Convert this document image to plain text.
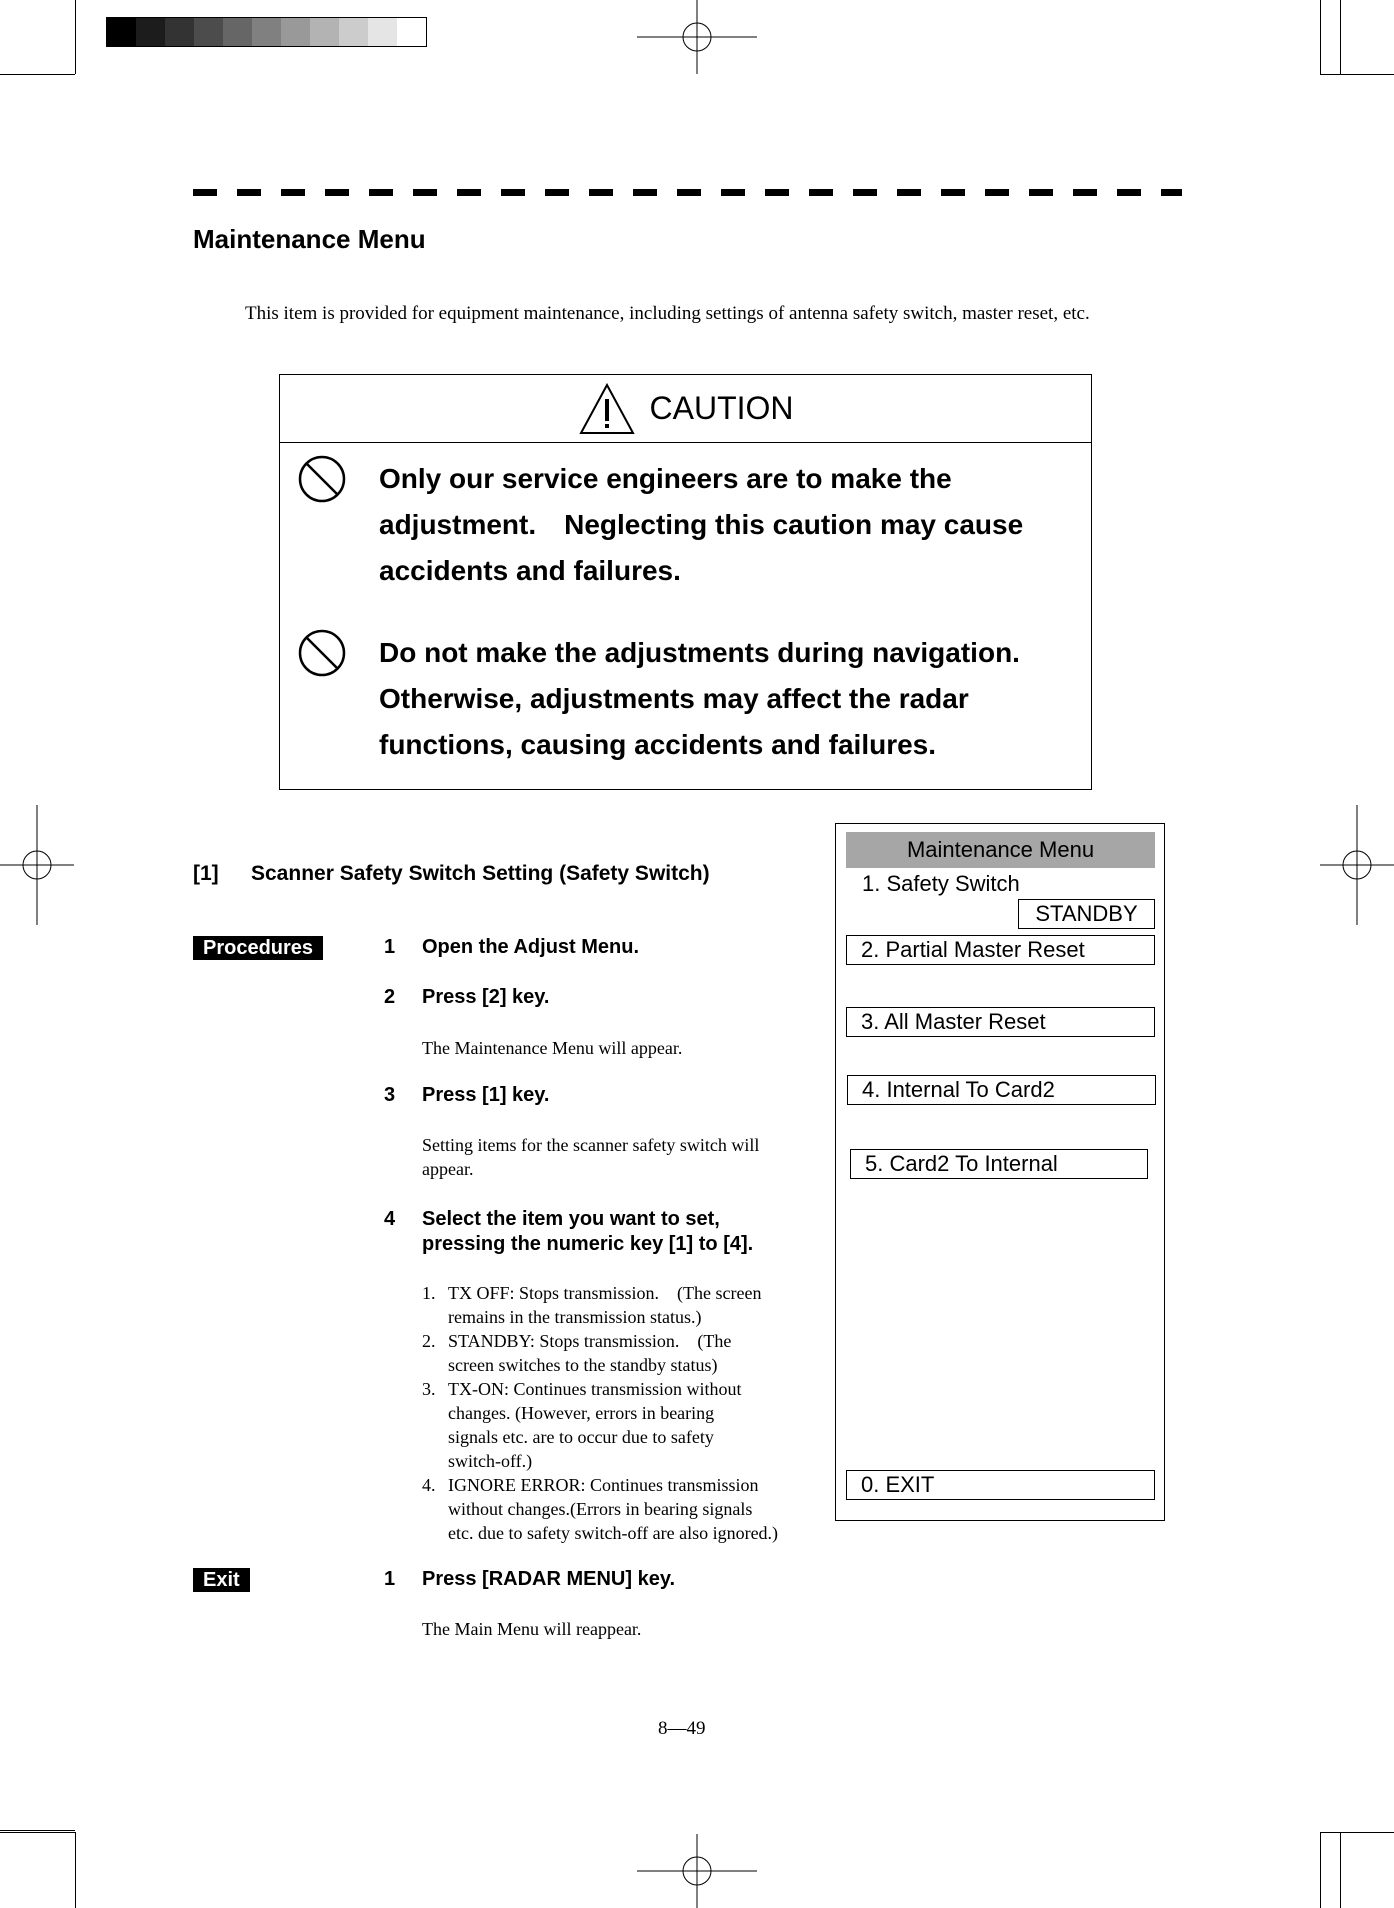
Maintenance Menu
This item is provided for equipment maintenance, including settings of antenna safety switch, master reset, etc.
CAUTION
Only our service engineers are to make the
adjustment.　Neglecting this caution may cause
accidents and failures.
Do not make the adjustments during navigation.
Otherwise, adjustments may affect the radar
functions, causing accidents and failures.
[1] Scanner Safety Switch Setting (Safety Switch)
Procedures	1 Open the Adjust Menu.
2 Press [2] key.
The Maintenance Menu will appear.
3 Press [1] key.
Setting items for the scanner safety switch will
appear.
4 Select the item you want to set,
pressing the numeric key [1] to [4].
1. TX OFF: Stops transmission.　(The screen
remains in the transmission status.)
2. STANDBY: Stops transmission.　(The
screen switches to the standby status)
3. TX-ON: Continues transmission without
changes. (However, errors in bearing
signals etc. are to occur due to safety
switch-off.)
4. IGNORE ERROR: Continues transmission
without changes.(Errors in bearing signals
etc. due to safety switch-off are also ignored.)
Exit	1 Press [RADAR MENU] key.
The Main Menu will reappear.
Maintenance Menu
1. Safety Switch
STANDBY
2. Partial Master Reset
3. All Master Reset
4. Internal To Card2
5. Card2 To Internal
0. EXIT
8—49
